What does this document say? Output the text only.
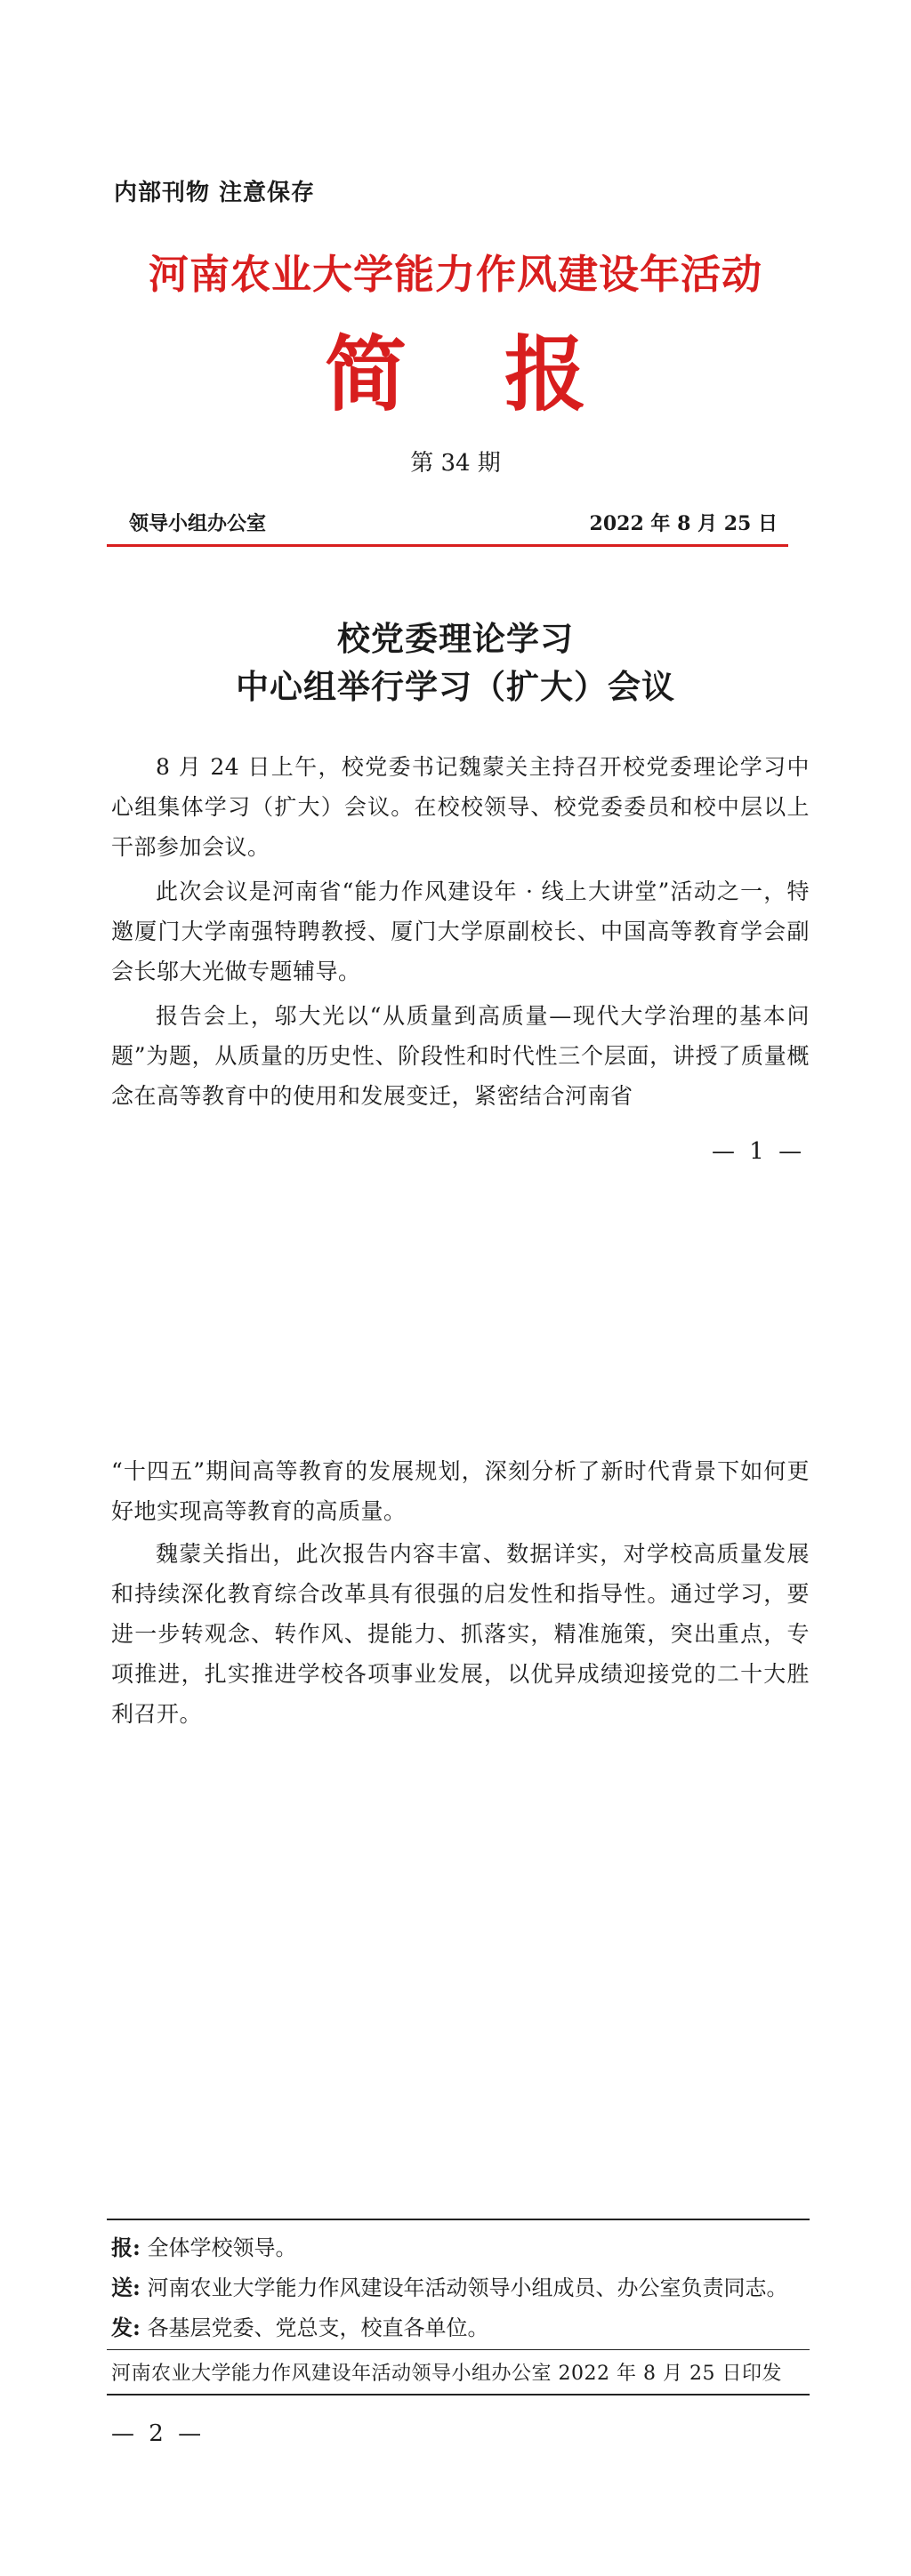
内部刊物 注意保存
河南农业大学能力作风建设年活动
简报
第 34 期
领导小组办公室	2022 年 8 月 25 日
校党委理论学习
中心组举行学习（扩大）会议

8 月 24 日上午，校党委书记魏蒙关主持召开校党委理论学习中心组集体学习（扩大）会议。在校校领导、校党委委员和校中层以上干部参加会议。

此次会议是河南省“能力作风建设年 · 线上大讲堂”活动之一，特邀厦门大学南强特聘教授、厦门大学原副校长、中国高等教育学会副会长邬大光做专题辅导。

报告会上，邬大光以“从质量到高质量—现代大学治理的基本问题”为题，从质量的历史性、阶段性和时代性三个层面，讲授了质量概念在高等教育中的使用和发展变迁，紧密结合河南省

— 1 —

“十四五”期间高等教育的发展规划，深刻分析了新时代背景下如何更好地实现高等教育的高质量。

魏蒙关指出，此次报告内容丰富、数据详实，对学校高质量发展和持续深化教育综合改革具有很强的启发性和指导性。通过学习，要进一步转观念、转作风、提能力、抓落实，精准施策，突出重点，专项推进，扎实推进学校各项事业发展，以优异成绩迎接党的二十大胜利召开。

报: 全体学校领导。
送: 河南农业大学能力作风建设年活动领导小组成员、办公室负责同志。
发: 各基层党委、党总支，校直各单位。
河南农业大学能力作风建设年活动领导小组办公室 2022 年 8 月 25 日印发
— 2 —
